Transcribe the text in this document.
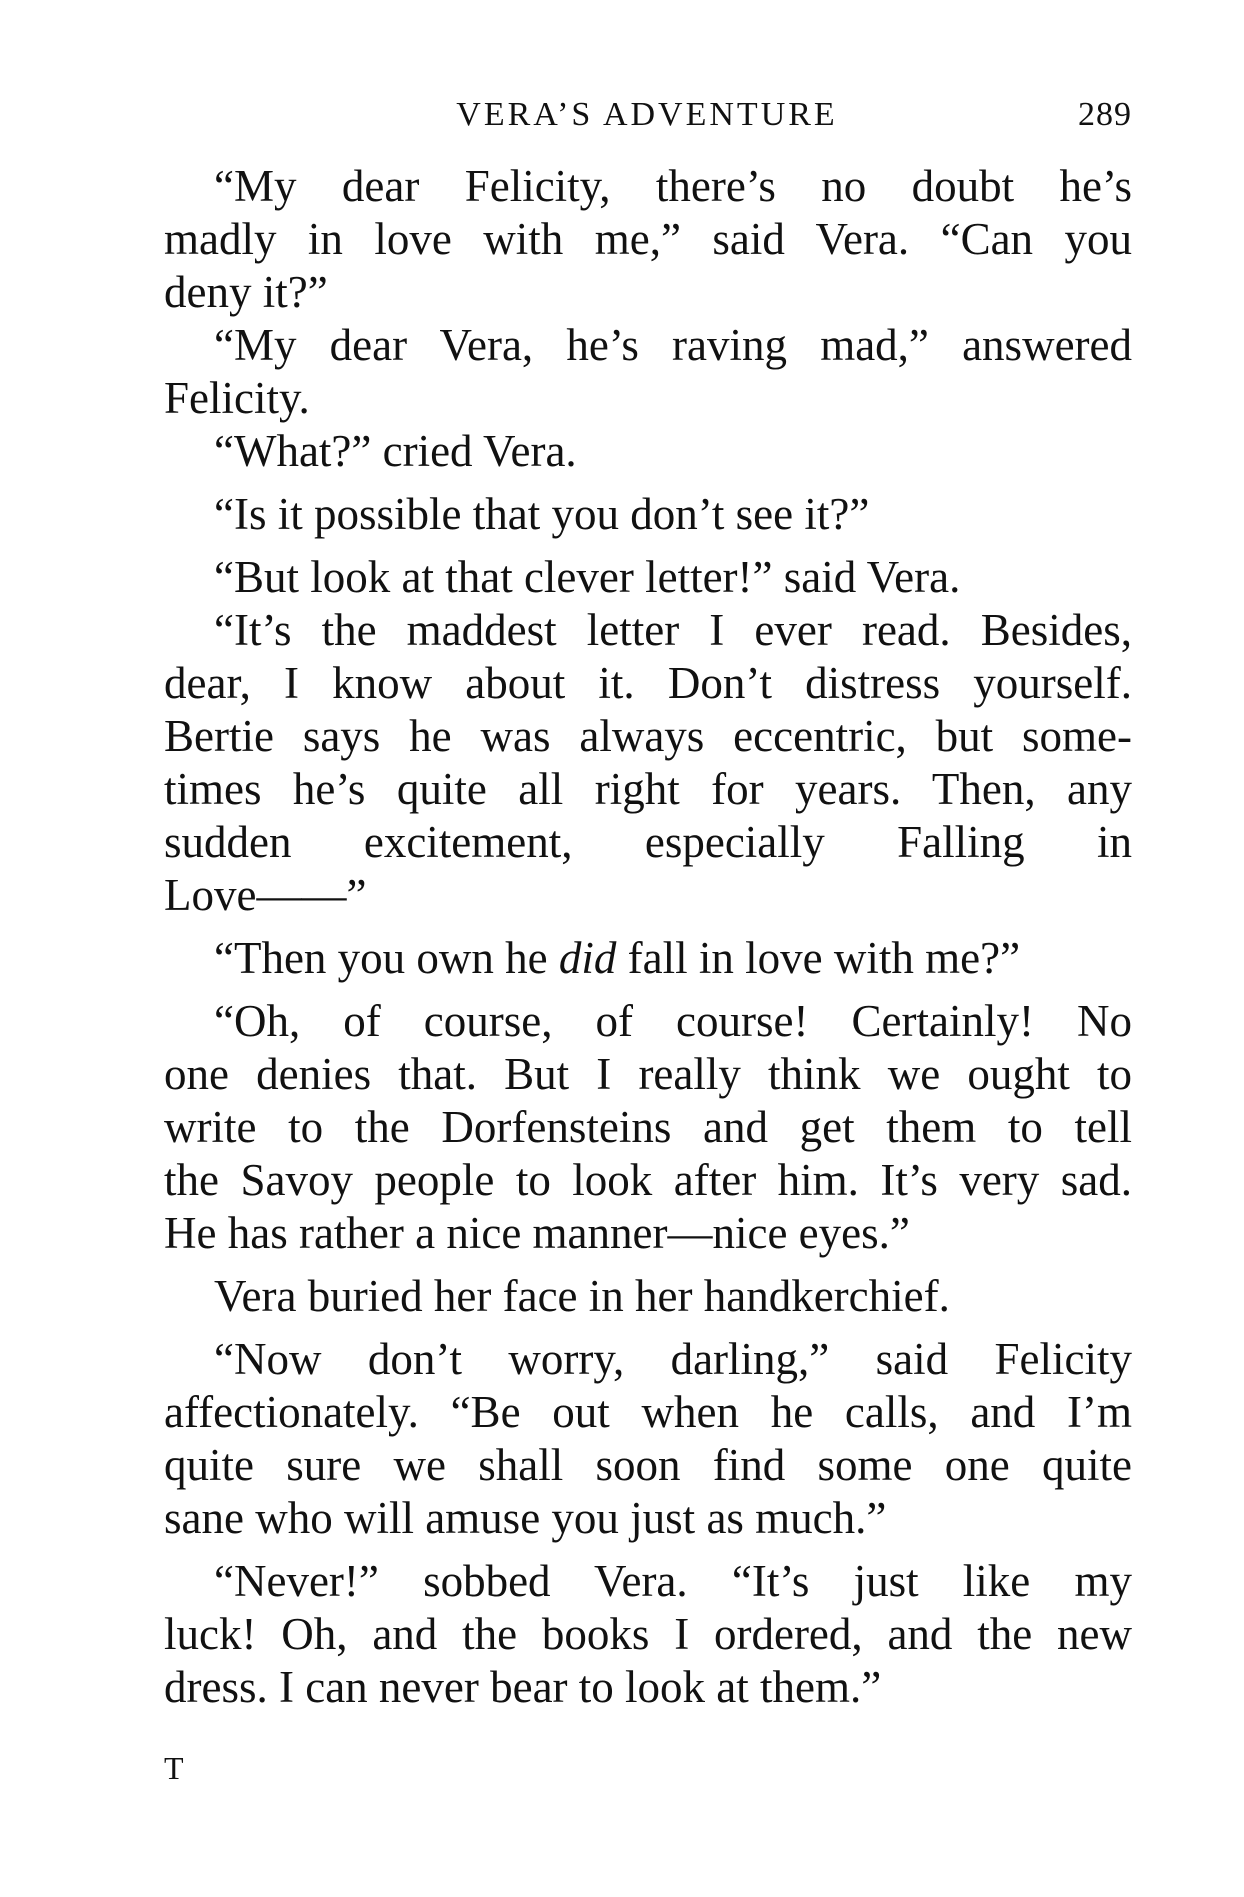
VERA’S ADVENTURE	289

“My dear Felicity, there’s no doubt he’s
madly in love with me,” said Vera. “Can you
deny it?”

“My dear Vera, he’s raving mad,” answered
Felicity.

“What?” cried Vera.

“Is it possible that you don’t see it?”

“But look at that clever letter!” said Vera.

“It’s the maddest letter I ever read. Besides,
dear, I know about it. Don’t distress yourself.
Bertie says he was always eccentric, but some-
times he’s quite all right for years. Then, any
sudden excitement, especially Falling in
Love——”

“Then you own he did fall in love with me?”

“Oh, of course, of course! Certainly! No
one denies that. But I really think we ought to
write to the Dorfensteins and get them to tell
the Savoy people to look after him. It’s very sad.
He has rather a nice manner—nice eyes.”

Vera buried her face in her handkerchief.

“Now don’t worry, darling,” said Felicity
affectionately. “Be out when he calls, and I’m
quite sure we shall soon find some one quite
sane who will amuse you just as much.”

“Never!” sobbed Vera. “It’s just like my
luck! Oh, and the books I ordered, and the new
dress. I can never bear to look at them.”

T
